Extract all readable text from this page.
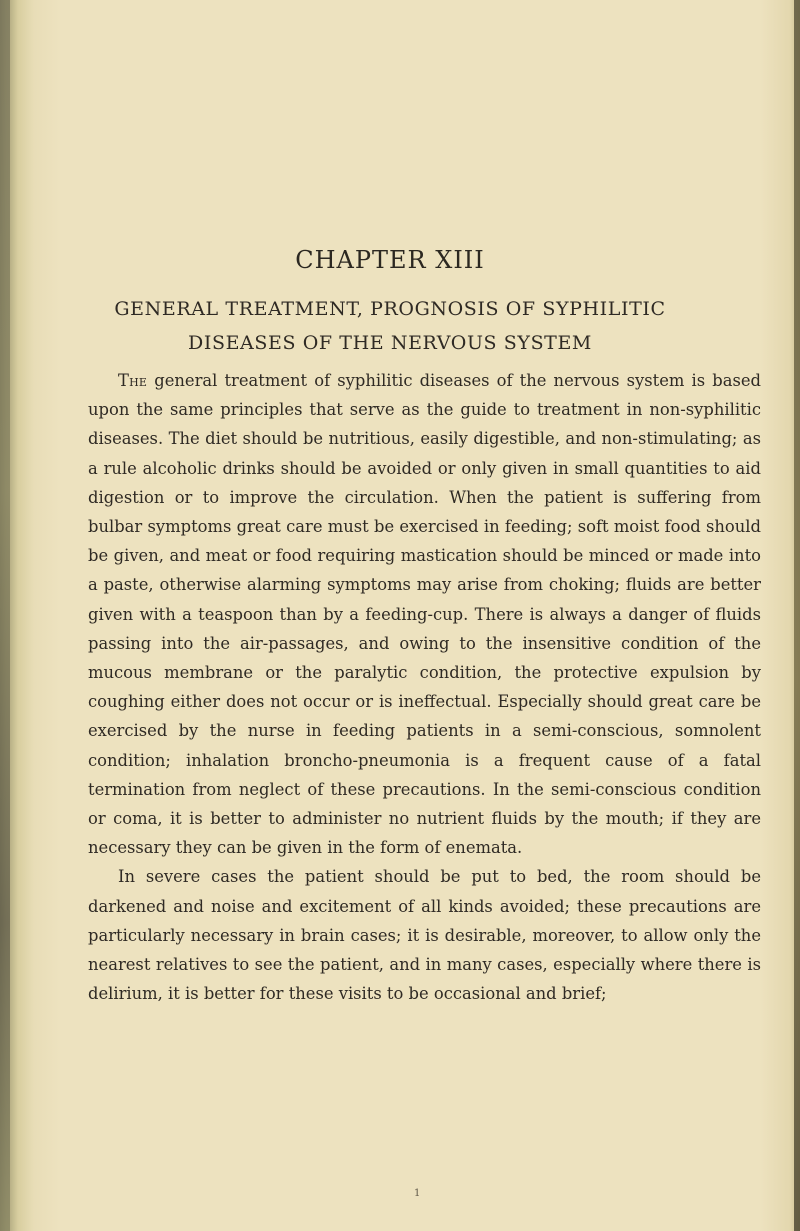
CHAPTER XIII
GENERAL TREATMENT, PROGNOSIS OF SYPHILITIC
DISEASES OF THE NERVOUS SYSTEM

The general treatment of syphilitic diseases of the nervous system is based upon the same principles that serve as the guide to treatment in non-syphilitic diseases. The diet should be nutritious, easily digestible, and non-stimulating; as a rule alcoholic drinks should be avoided or only given in small quantities to aid digestion or to improve the circulation. When the patient is suffering from bulbar symptoms great care must be exercised in feeding; soft moist food should be given, and meat or food requiring mastication should be minced or made into a paste, otherwise alarming symptoms may arise from choking; fluids are better given with a teaspoon than by a feeding-cup. There is always a danger of fluids passing into the air-passages, and owing to the insensitive condition of the mucous membrane or the paralytic condition, the protective expulsion by coughing either does not occur or is ineffectual. Especially should great care be exercised by the nurse in feeding patients in a semi-conscious, somnolent condition; inhalation broncho-pneumonia is a frequent cause of a fatal termination from neglect of these precautions. In the semi-conscious condition or coma, it is better to administer no nutrient fluids by the mouth; if they are necessary they can be given in the form of enemata.

In severe cases the patient should be put to bed, the room should be darkened and noise and excitement of all kinds avoided; these precautions are particularly necessary in brain cases; it is desirable, moreover, to allow only the nearest relatives to see the patient, and in many cases, especially where there is delirium, it is better for these visits to be occasional and brief;

1
